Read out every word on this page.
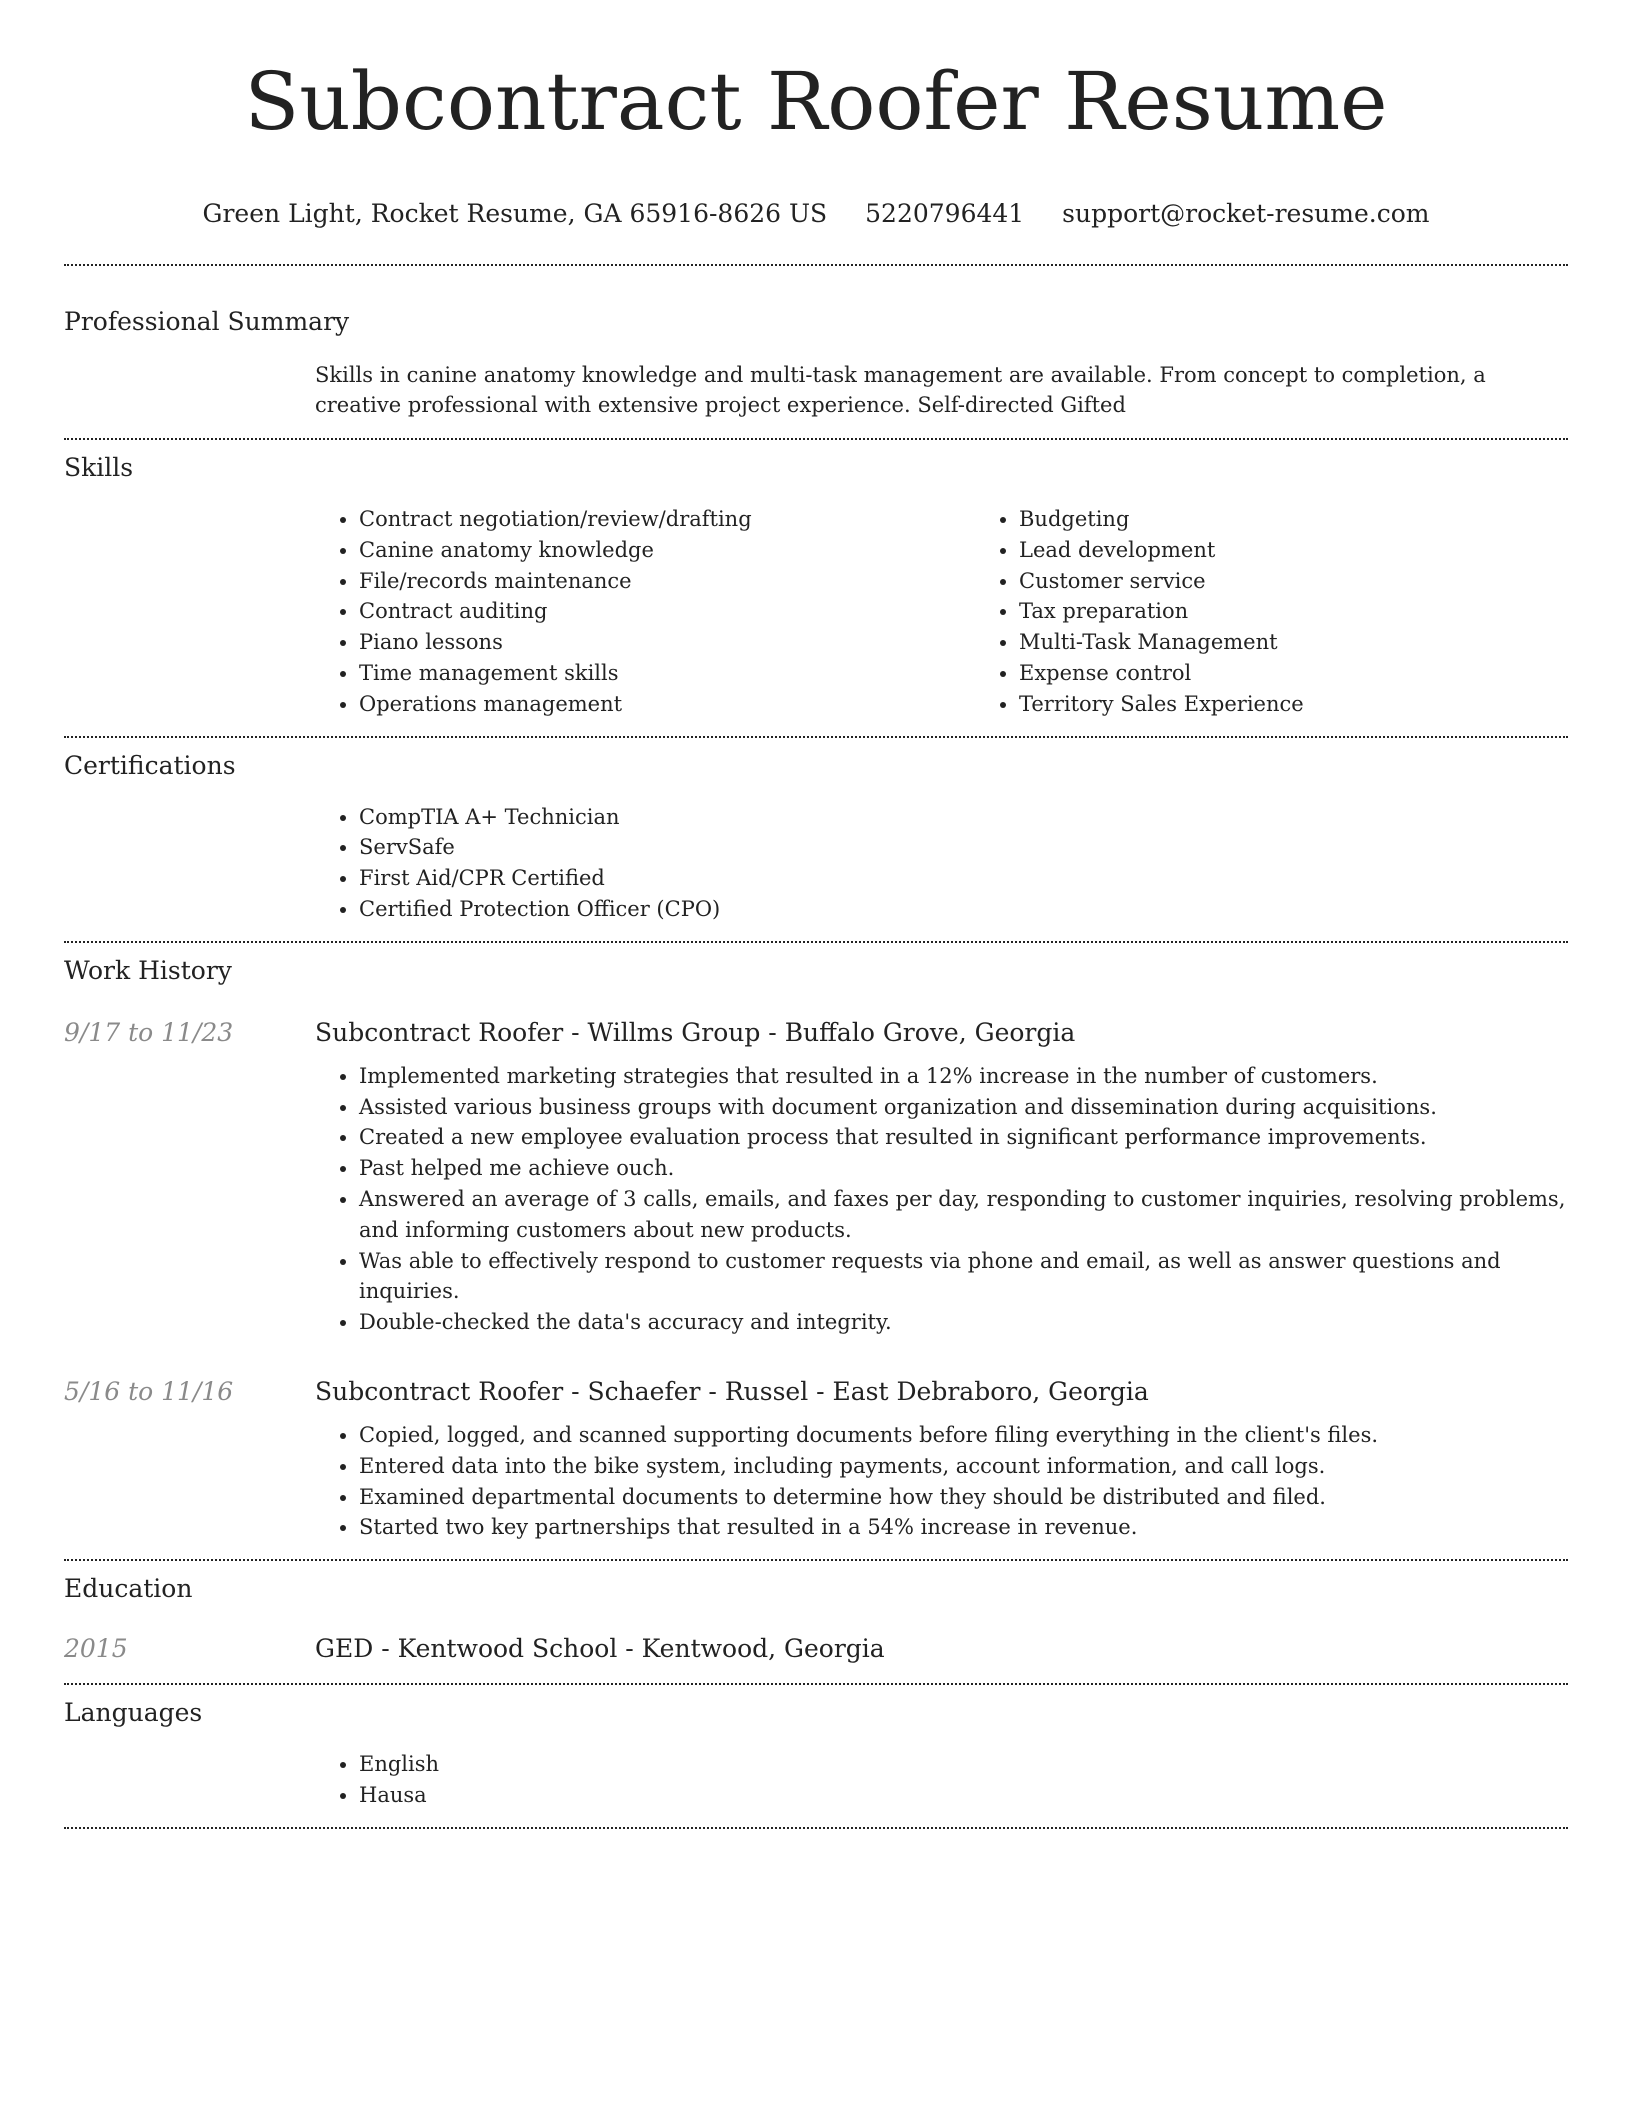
Subcontract Roofer Resume
Green Light, Rocket Resume, GA 65916-8626 US 5220796441 support@rocket-resume.com
Professional Summary

Skills in canine anatomy knowledge and multi-task management are available. From concept to completion, a creative professional with extensive project experience. Self-directed Gifted

Skills
• Contract negotiation/review/drafting
• Canine anatomy knowledge
• File/records maintenance
• Contract auditing
• Piano lessons
• Time management skills
• Operations management
• Budgeting
• Lead development
• Customer service
• Tax preparation
• Multi-Task Management
• Expense control
• Territory Sales Experience
Certifications
• CompTIA A+ Technician
• ServSafe
• First Aid/CPR Certified
• Certified Protection Officer (CPO)
Work History
9/17 to 11/23	Subcontract Roofer - Willms Group - Buffalo Grove, Georgia
• Implemented marketing strategies that resulted in a 12% increase in the number of customers.
• Assisted various business groups with document organization and dissemination during acquisitions.
• Created a new employee evaluation process that resulted in significant performance improvements.
• Past helped me achieve ouch.
• Answered an average of 3 calls, emails, and faxes per day, responding to customer inquiries, resolving problems, and informing customers about new products.
• Was able to effectively respond to customer requests via phone and email, as well as answer questions and inquiries.
• Double-checked the data's accuracy and integrity.
5/16 to 11/16	Subcontract Roofer - Schaefer - Russel - East Debraboro, Georgia
• Copied, logged, and scanned supporting documents before filing everything in the client's files.
• Entered data into the bike system, including payments, account information, and call logs.
• Examined departmental documents to determine how they should be distributed and filed.
• Started two key partnerships that resulted in a 54% increase in revenue.
Education
2015	GED - Kentwood School - Kentwood, Georgia
Languages
• English
• Hausa
